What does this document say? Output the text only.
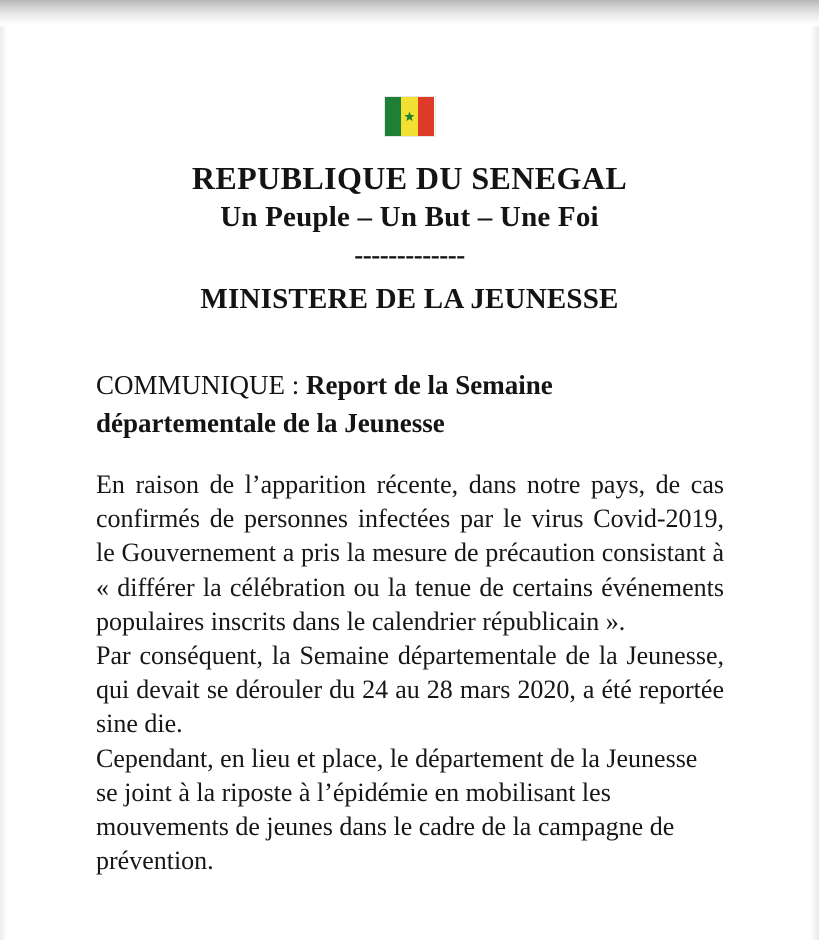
REPUBLIQUE DU SENEGAL
Un Peuple – Un But – Une Foi
-------------
MINISTERE DE LA JEUNESSE
COMMUNIQUE : Report de la Semaine départementale de la Jeunesse

En raison de l’apparition récente, dans notre pays, de cas confirmés de personnes infectées par le virus Covid-2019, le Gouvernement a pris la mesure de précaution consistant à « différer la célébration ou la tenue de certains événements populaires inscrits dans le calendrier républicain ».

Par conséquent, la Semaine départementale de la Jeunesse, qui devait se dérouler du 24 au 28 mars 2020, a été reportée sine die.

Cependant, en lieu et place, le département de la Jeunesse se joint à la riposte à l’épidémie en mobilisant les mouvements de jeunes dans le cadre de la campagne de prévention.
